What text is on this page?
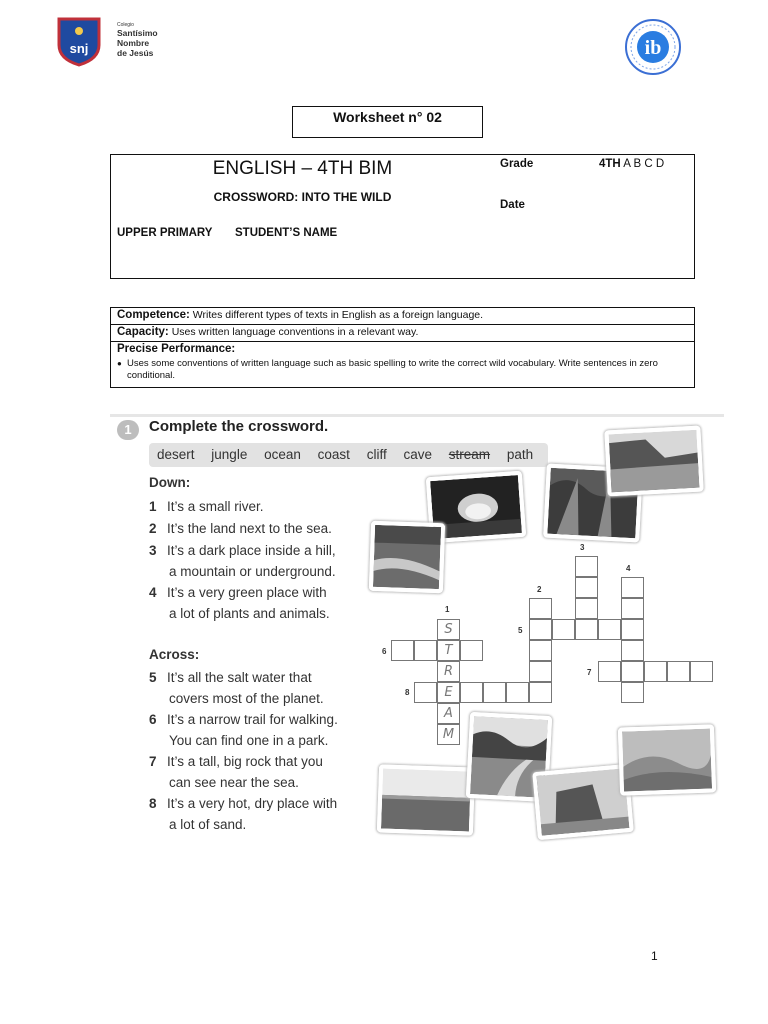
snj
Colegio
Santísimo
Nombre
de Jesús	ib
Worksheet n° 02
ENGLISH – 4TH BIM
CROSSWORD: INTO THE WILD
Grade	4TH A B C D
Date
UPPER PRIMARY	STUDENT’S NAME
Competence: Writes different types of texts in English as a foreign language.
Capacity: Uses written language conventions in a relevant way.
Precise Performance:
● Uses some conventions of written language such as basic spelling to write the correct wild vocabulary. Write sentences in zero conditional.
1	Complete the crossword.
desert jungle ocean coast cliff cave stream path
Down:
1 It’s a small river.
2 It’s the land next to the sea.
3 It’s a dark place inside a hill,
a mountain or underground.
4 It’s a very green place with
a lot of plants and animals.
Across:
5 It’s all the salt water that
covers most of the planet.
6 It’s a narrow trail for walking.
You can find one in a park.
7 It’s a tall, big rock that you
can see near the sea.
8 It’s a very hot, dry place with
a lot of sand.
S
T
R
E
A
M
1
2
3
4
5
6
7
8
1
